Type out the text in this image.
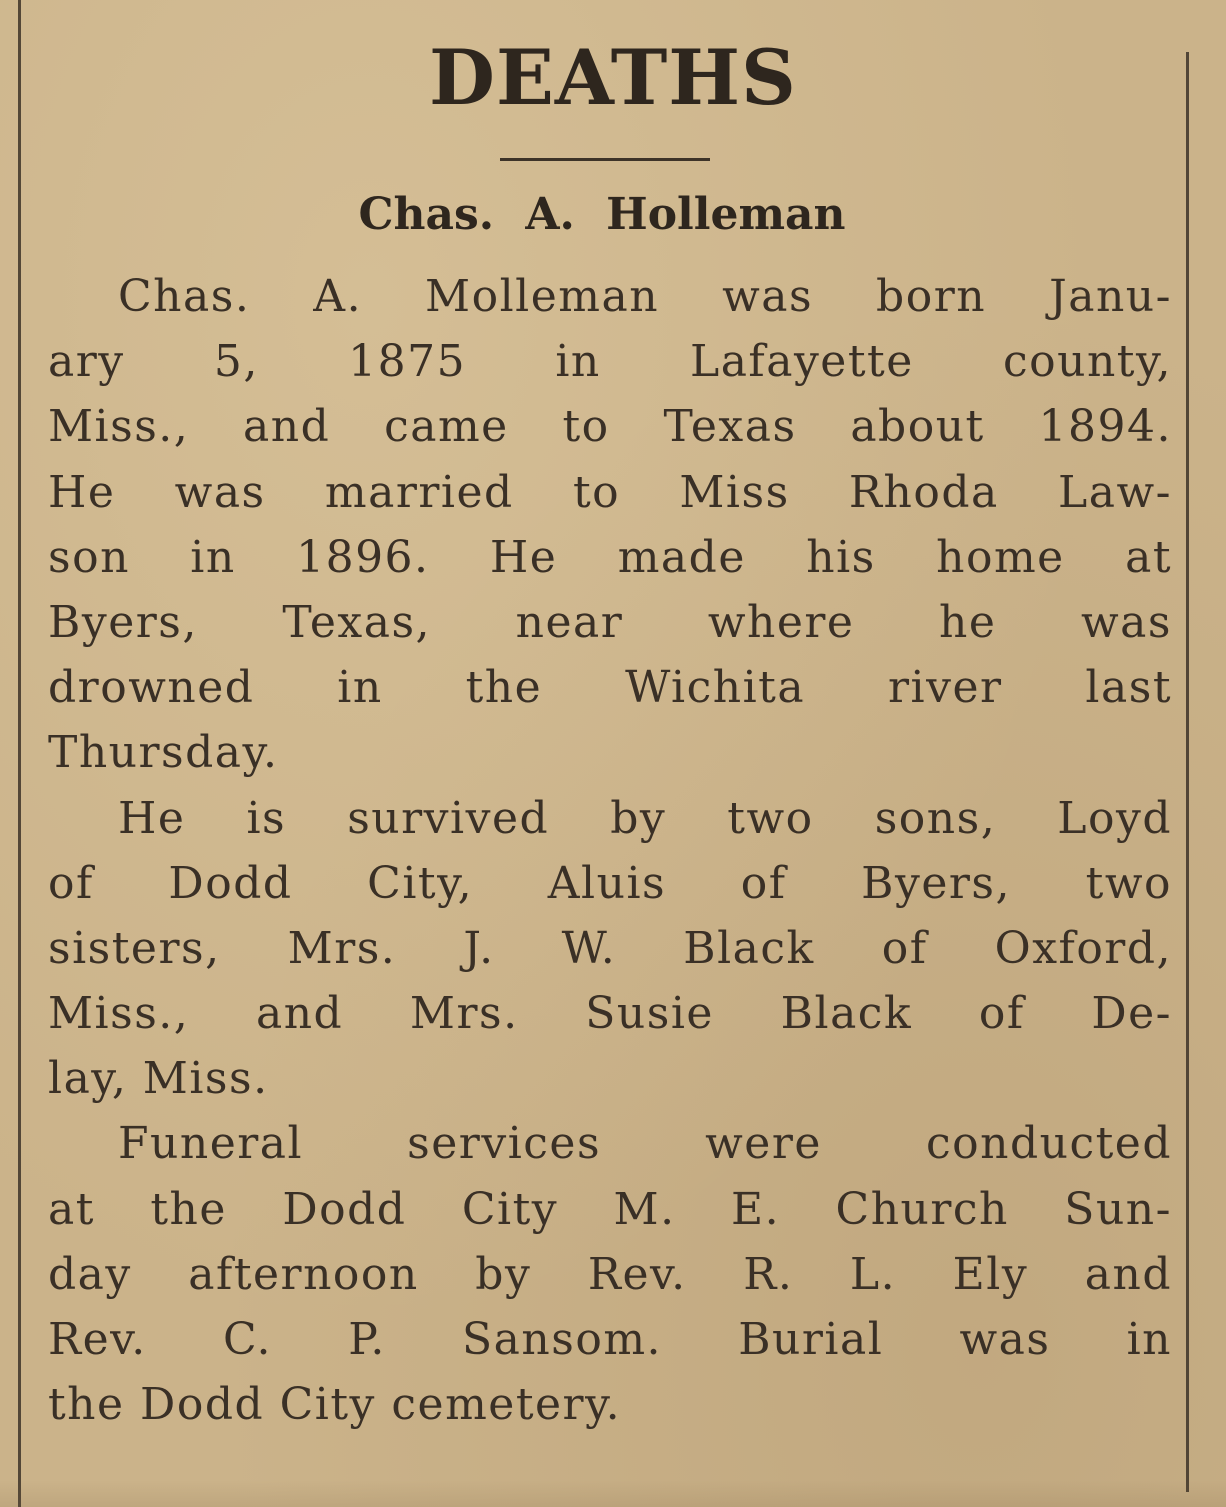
DEATHS
Chas. A. Holleman
Chas. A. Molleman was born Janu-
ary 5, 1875 in Lafayette county,
Miss., and came to Texas about 1894.
He was married to Miss Rhoda Law-
son in 1896. He made his home at
Byers, Texas, near where he was
drowned in the Wichita river last
Thursday.
He is survived by two sons, Loyd
of Dodd City, Aluis of Byers, two
sisters, Mrs. J. W. Black of Oxford,
Miss., and Mrs. Susie Black of De-
lay, Miss.
Funeral services were conducted
at the Dodd City M. E. Church Sun-
day afternoon by Rev. R. L. Ely and
Rev. C. P. Sansom. Burial was in
the Dodd City cemetery.
